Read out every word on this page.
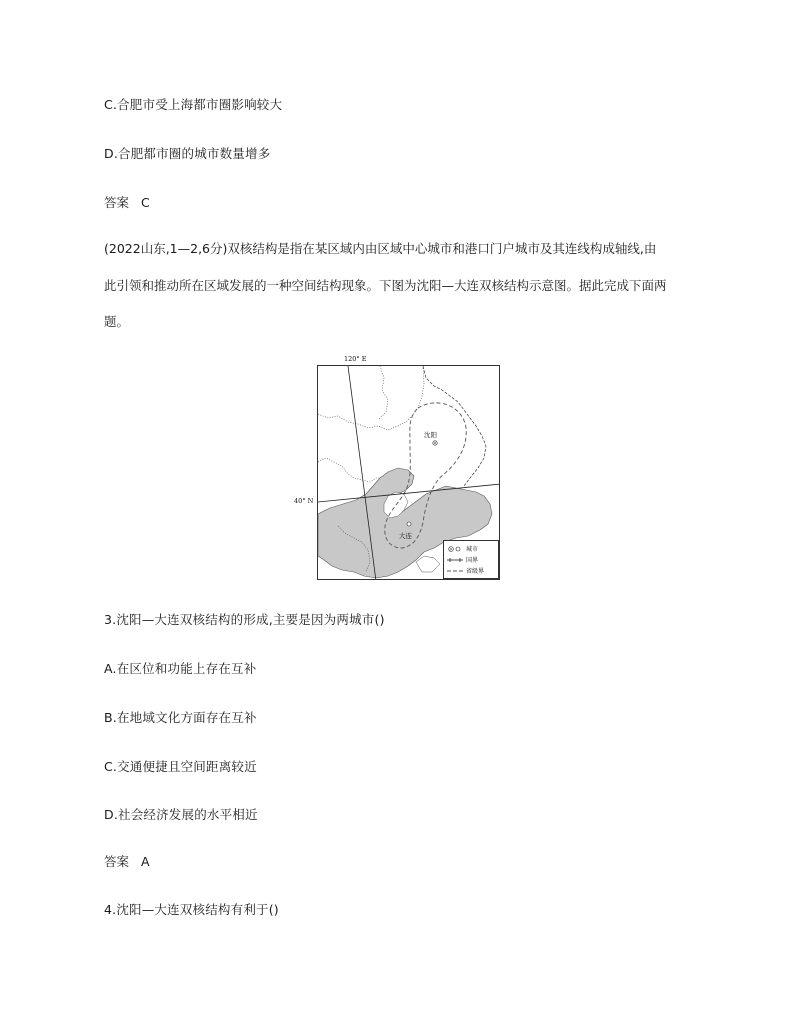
C.合肥市受上海都市圈影响较大
D.合肥都市圈的城市数量增多
答案 C
(2022山东,1—2,6分)双核结构是指在某区域内由区域中心城市和港口门户城市及其连线构成轴线,由
此引领和推动所在区域发展的一种空间结构现象。下图为沈阳—大连双核结构示意图。据此完成下面两
题。
120° E
40° N
沈阳
大连
城市
国界
省级界
3.沈阳—大连双核结构的形成,主要是因为两城市()
A.在区位和功能上存在互补
B.在地域文化方面存在互补
C.交通便捷且空间距离较近
D.社会经济发展的水平相近
答案 A
4.沈阳—大连双核结构有利于()
